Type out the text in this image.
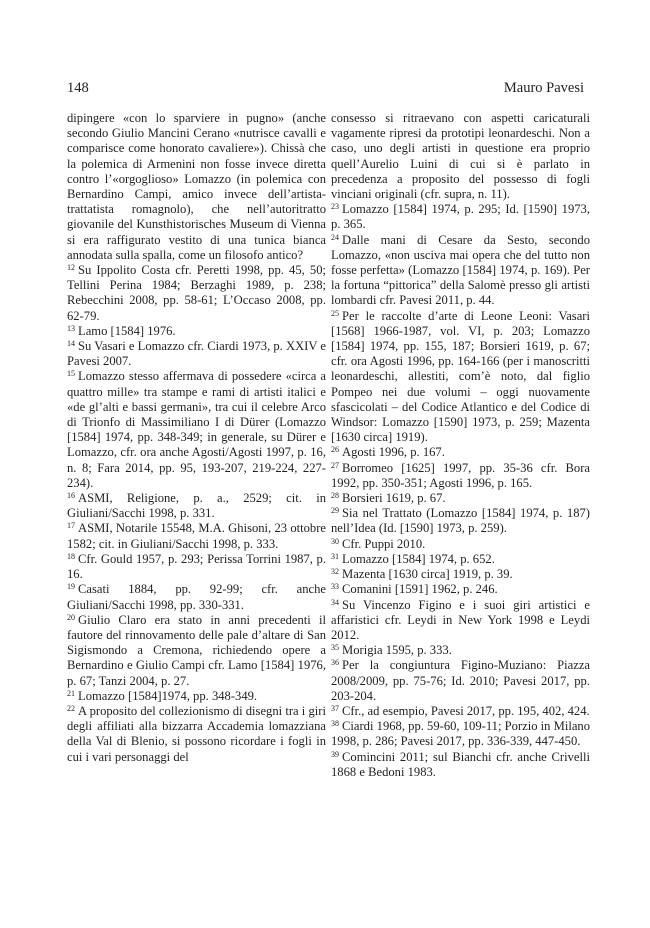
148	Mauro Pavesi

dipingere «con lo sparviere in pugno» (anche secondo Giulio Mancini Cerano «nutrisce cavalli e comparisce come honorato cavaliere»). Chissà che la polemica di Armenini non fosse invece diretta contro l’«orgoglioso» Lomazzo (in polemica con Bernardino Campi, amico invece dell’artista-trattatista romagnolo), che nell’autoritratto giovanile del Kunsthistorisches Museum di Vienna si era raffigurato vestito di una tunica bianca annodata sulla spalla, come un filosofo antico?

$^{12}$ Su Ippolito Costa cfr. Peretti 1998, pp. 45, 50; Tellini Perina 1984; Berzaghi 1989, p. 238; Rebecchini 2008, pp. 58-61; L’Occaso 2008, pp. 62-79.

$^{13}$ Lamo [1584] 1976.

$^{14}$ Su Vasari e Lomazzo cfr. Ciardi 1973, p. XXIV e Pavesi 2007.

$^{15}$ Lomazzo stesso affermava di possedere «circa a quattro mille» tra stampe e rami di artisti italici e «de gl’alti e bassi germani», tra cui il celebre Arco di Trionfo di Massimiliano I di Dürer (Lomazzo [1584] 1974, pp. 348-349; in generale, su Dürer e Lomazzo, cfr. ora anche Agosti/Agosti 1997, p. 16, n. 8; Fara 2014, pp. 95, 193-207, 219-224, 227-234).

$^{16}$ ASMI, Religione, p. a., 2529; cit. in Giuliani/Sacchi 1998, p. 331.

$^{17}$ ASMI, Notarile 15548, M.A. Ghisoni, 23 ottobre 1582; cit. in Giuliani/Sacchi 1998, p. 333.

$^{18}$ Cfr. Gould 1957, p. 293; Perissa Torrini 1987, p. 16.

$^{19}$ Casati 1884, pp. 92-99; cfr. anche Giuliani/Sacchi 1998, pp. 330-331.

$^{20}$ Giulio Claro era stato in anni precedenti il fautore del rinnovamento delle pale d’altare di San Sigismondo a Cremona, richiedendo opere a Bernardino e Giulio Campi cfr. Lamo [1584] 1976, p. 67; Tanzi 2004, p. 27.

$^{21}$ Lomazzo [1584]1974, pp. 348-349.

$^{22}$ A proposito del collezionismo di disegni tra i giri degli affiliati alla bizzarra Accademia lomazziana della Val di Blenio, si possono ricordare i fogli in cui i vari personaggi del

consesso si ritraevano con aspetti caricaturali vagamente ripresi da prototipi leonardeschi. Non a caso, uno degli artisti in questione era proprio quell’Aurelio Luini di cui si è parlato in precedenza a proposito del possesso di fogli vinciani originali (cfr. supra, n. 11).

$^{23}$ Lomazzo [1584] 1974, p. 295; Id. [1590] 1973, p. 365.

$^{24}$ Dalle mani di Cesare da Sesto, secondo Lomazzo, «non usciva mai opera che del tutto non fosse perfetta» (Lomazzo [1584] 1974, p. 169). Per la fortuna “pittorica” della Salomè presso gli artisti lombardi cfr. Pavesi 2011, p. 44.

$^{25}$ Per le raccolte d’arte di Leone Leoni: Vasari [1568] 1966-1987, vol. VI, p. 203; Lomazzo [1584] 1974, pp. 155, 187; Borsieri 1619, p. 67; cfr. ora Agosti 1996, pp. 164-166 (per i manoscritti leonardeschi, allestiti, com’è noto, dal figlio Pompeo nei due volumi – oggi nuovamente sfascicolati – del Codice Atlantico e del Codice di Windsor: Lomazzo [1590] 1973, p. 259; Mazenta [1630 circa] 1919).

$^{26}$ Agosti 1996, p. 167.

$^{27}$ Borromeo [1625] 1997, pp. 35-36 cfr. Bora 1992, pp. 350-351; Agosti 1996, p. 165.

$^{28}$ Borsieri 1619, p. 67.

$^{29}$ Sia nel Trattato (Lomazzo [1584] 1974, p. 187) nell’Idea (Id. [1590] 1973, p. 259).

$^{30}$ Cfr. Puppi 2010.

$^{31}$ Lomazzo [1584] 1974, p. 652.

$^{32}$ Mazenta [1630 circa] 1919, p. 39.

$^{33}$ Comanini [1591] 1962, p. 246.

$^{34}$ Su Vincenzo Figino e i suoi giri artistici e affaristici cfr. Leydi in New York 1998 e Leydi 2012.

$^{35}$ Morigia 1595, p. 333.

$^{36}$ Per la congiuntura Figino-Muziano: Piazza 2008/2009, pp. 75-76; Id. 2010; Pavesi 2017, pp. 203-204.

$^{37}$ Cfr., ad esempio, Pavesi 2017, pp. 195, 402, 424.

$^{38}$ Ciardi 1968, pp. 59-60, 109-11; Porzio in Milano 1998, p. 286; Pavesi 2017, pp. 336-339, 447-450.

$^{39}$ Comincini 2011; sul Bianchi cfr. anche Crivelli 1868 e Bedoni 1983.
